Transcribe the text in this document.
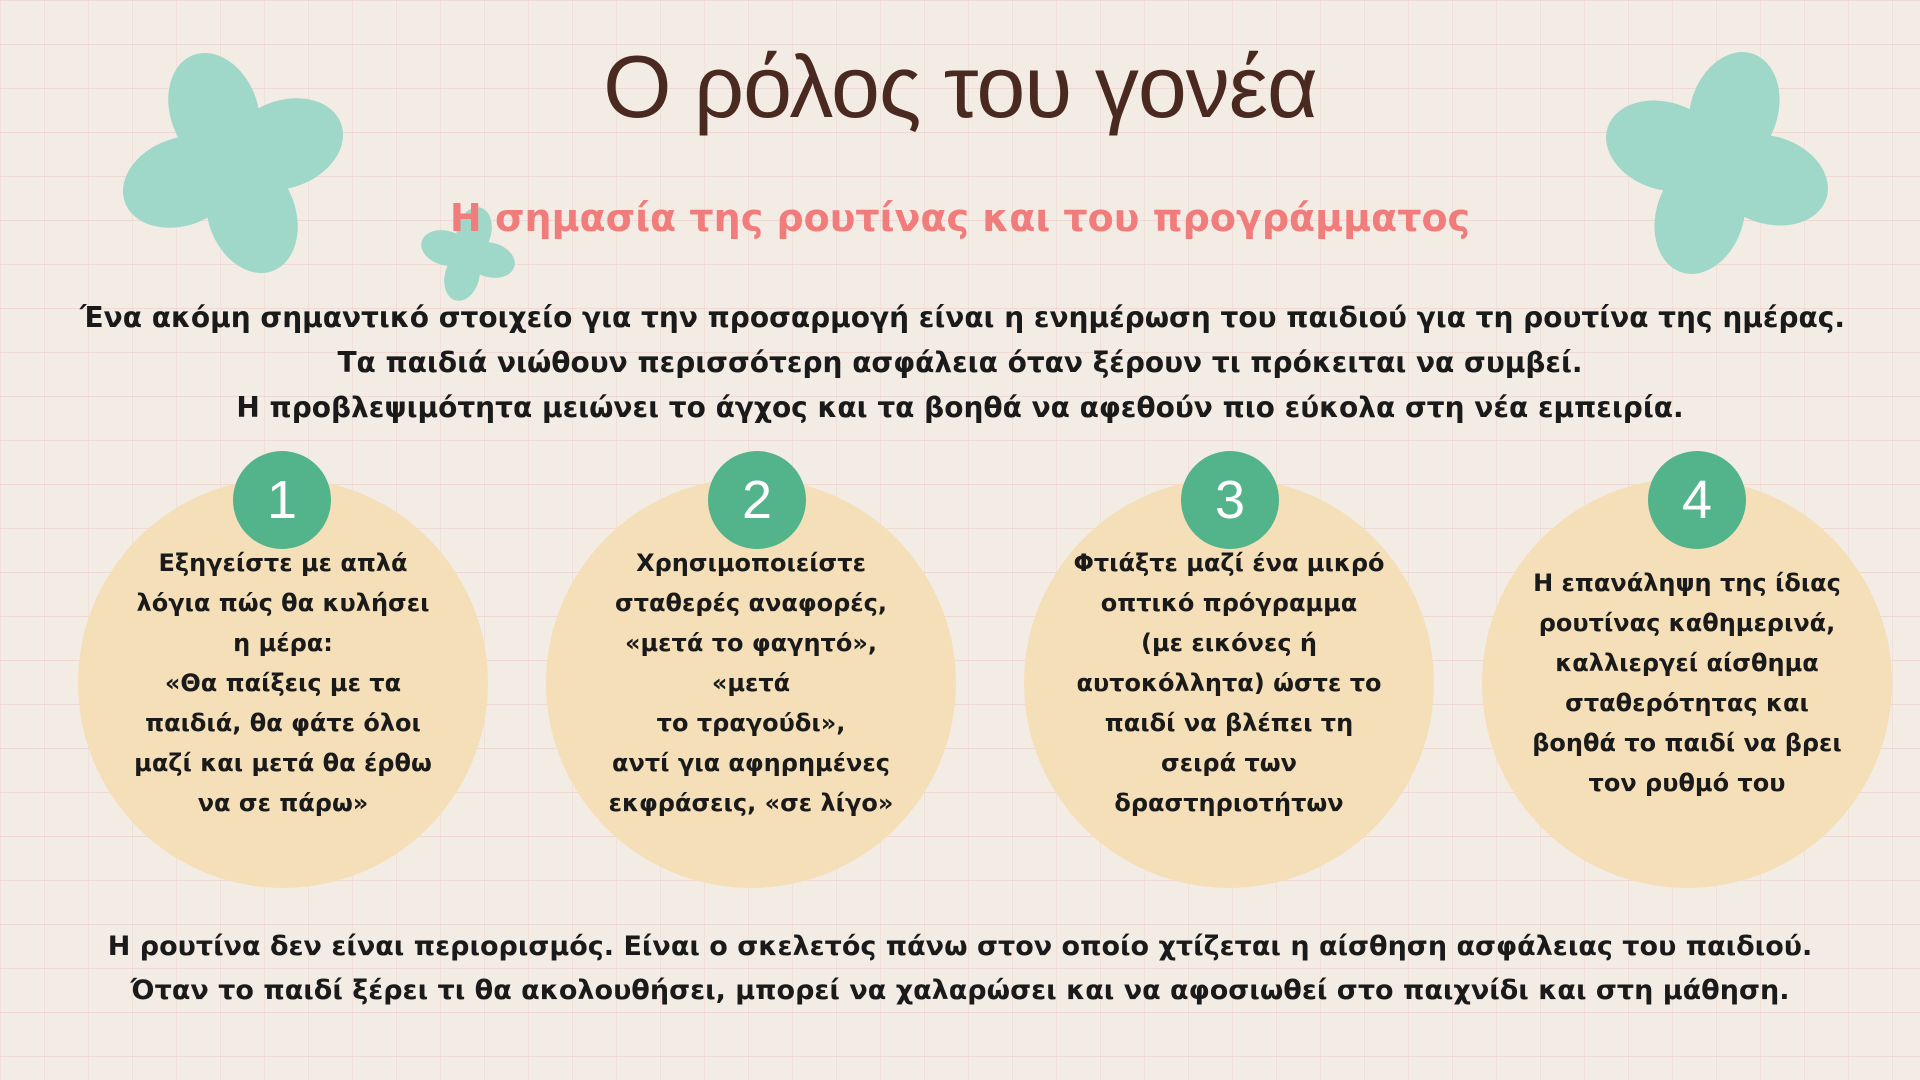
Ο ρόλος του γονέα
Η σημασία της ρουτίνας και του προγράμματος
Ένα ακόμη σημαντικό στοιχείο για την προσαρμογή είναι η ενημέρωση του παιδιού για τη ρουτίνα της ημέρας.
Τα παιδιά νιώθουν περισσότερη ασφάλεια όταν ξέρουν τι πρόκειται να συμβεί.
Η προβλεψιμότητα μειώνει το άγχος και τα βοηθά να αφεθούν πιο εύκολα στη νέα εμπειρία.
Εξηγείστε με απλά
λόγια πώς θα κυλήσει
η μέρα:
«Θα παίξεις με τα
παιδιά, θα φάτε όλοι
μαζί και μετά θα έρθω
να σε πάρω»
1
Χρησιμοποιείστε
σταθερές αναφορές,
«μετά το φαγητό», «μετά
το τραγούδι»,
αντί για αφηρημένες
εκφράσεις, «σε λίγο»
2
Φτιάξτε μαζί ένα μικρό
οπτικό πρόγραμμα
(με εικόνες ή
αυτοκόλλητα) ώστε το
παιδί να βλέπει τη
σειρά των
δραστηριοτήτων
3
Η επανάληψη της ίδιας
ρουτίνας καθημερινά,
καλλιεργεί αίσθημα
σταθερότητας και
βοηθά το παιδί να βρει
τον ρυθμό του
4
Η ρουτίνα δεν είναι περιορισμός. Είναι ο σκελετός πάνω στον οποίο χτίζεται η αίσθηση ασφάλειας του παιδιού.
Όταν το παιδί ξέρει τι θα ακολουθήσει, μπορεί να χαλαρώσει και να αφοσιωθεί στο παιχνίδι και στη μάθηση.
